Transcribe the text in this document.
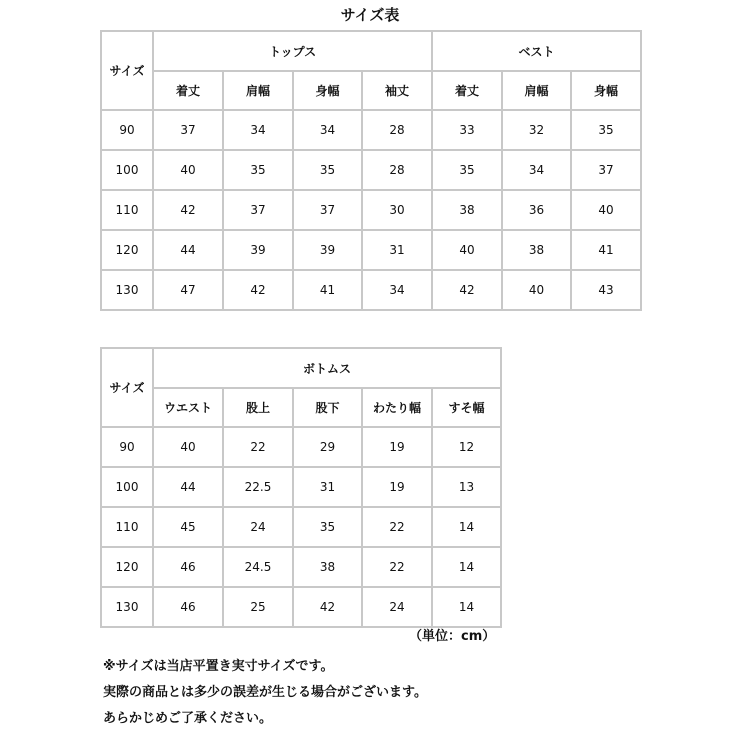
サイズ表
サイズ	トップス				ベスト		
	着丈	肩幅	身幅	袖丈	着丈	肩幅	身幅
90	37	34	34	28	33	32	35
100	40	35	35	28	35	34	37
110	42	37	37	30	38	36	40
120	44	39	39	31	40	38	41
130	47	42	41	34	42	40	43
サイズ	ボトムス				
	ウエスト	股上	股下	わたり幅	すそ幅
90	40	22	29	19	12
100	44	22.5	31	19	13
110	45	24	35	22	14
120	46	24.5	38	22	14
130	46	25	42	24	14
（単位：cm）
※サイズは当店平置き実寸サイズです。
実際の商品とは多少の誤差が生じる場合がございます。
あらかじめご了承ください。
